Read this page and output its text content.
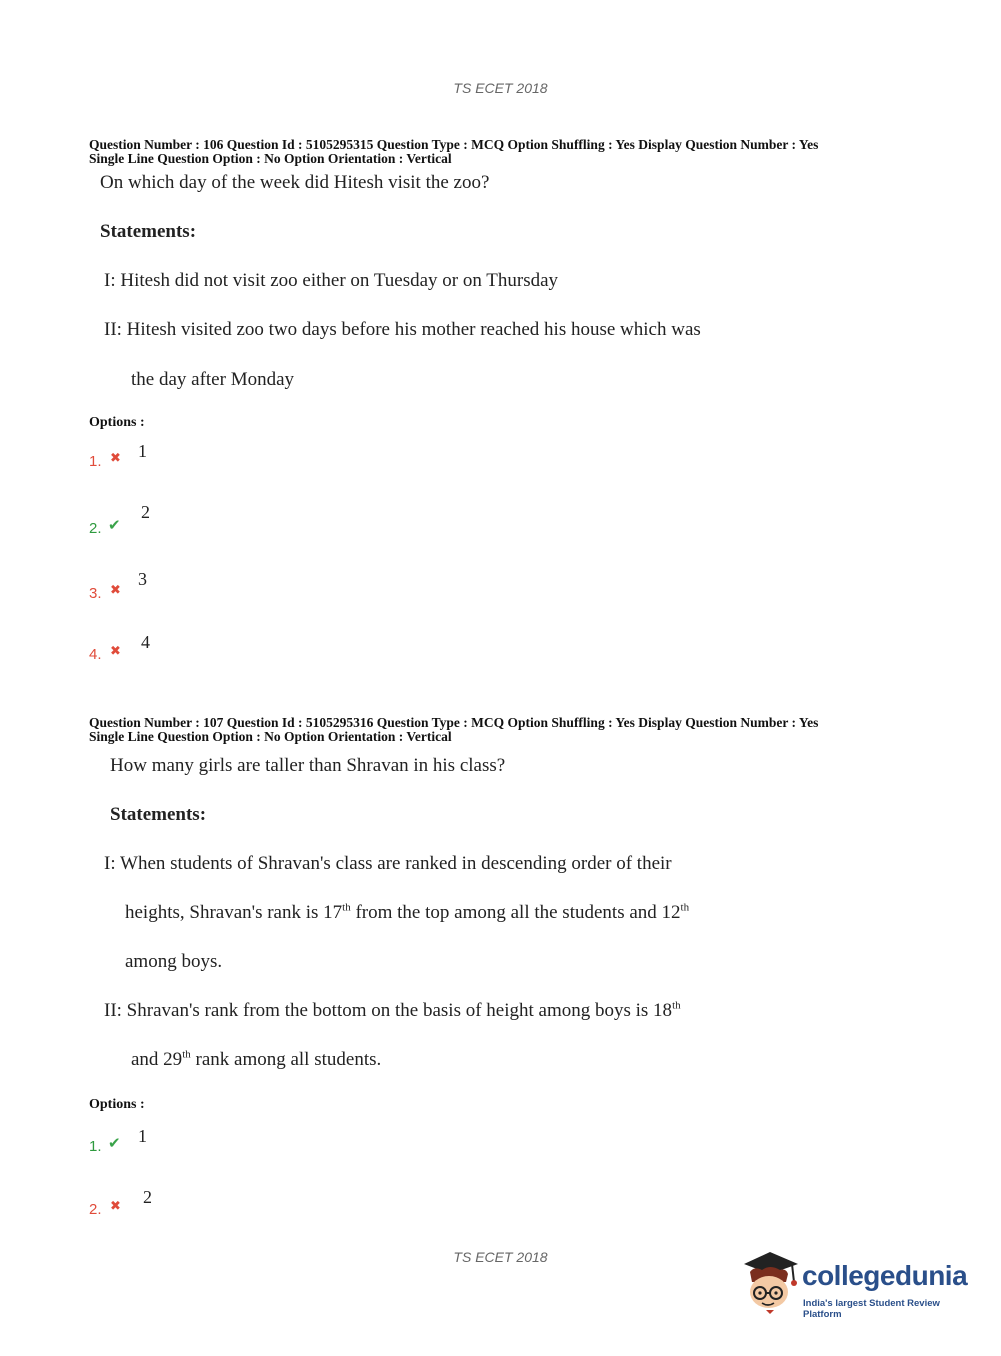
TS ECET 2018
Question Number : 106 Question Id : 5105295315 Question Type : MCQ Option Shuffling : Yes Display Question Number : Yes
Single Line Question Option : No Option Orientation : Vertical
On which day of the week did Hitesh visit the zoo?
Statements:
I: Hitesh did not visit zoo either on Tuesday or on Thursday
II: Hitesh visited zoo two days before his mother reached his house which was
the day after Monday
Options :
1. ✖ 1
2. ✔
2
3. ✖
3
4. ✖ 4
Question Number : 107 Question Id : 5105295316 Question Type : MCQ Option Shuffling : Yes Display Question Number : Yes
Single Line Question Option : No Option Orientation : Vertical
How many girls are taller than Shravan in his class?
Statements:
I: When students of Shravan's class are ranked in descending order of their
heights, Shravan's rank is 17th from the top among all the students and 12th
among boys.
II: Shravan's rank from the bottom on the basis of height among boys is 18th
and 29th rank among all students.
Options :
1. ✔ 1
2. ✖ 2
TS ECET 2018
collegedunia
India's largest Student Review Platform
